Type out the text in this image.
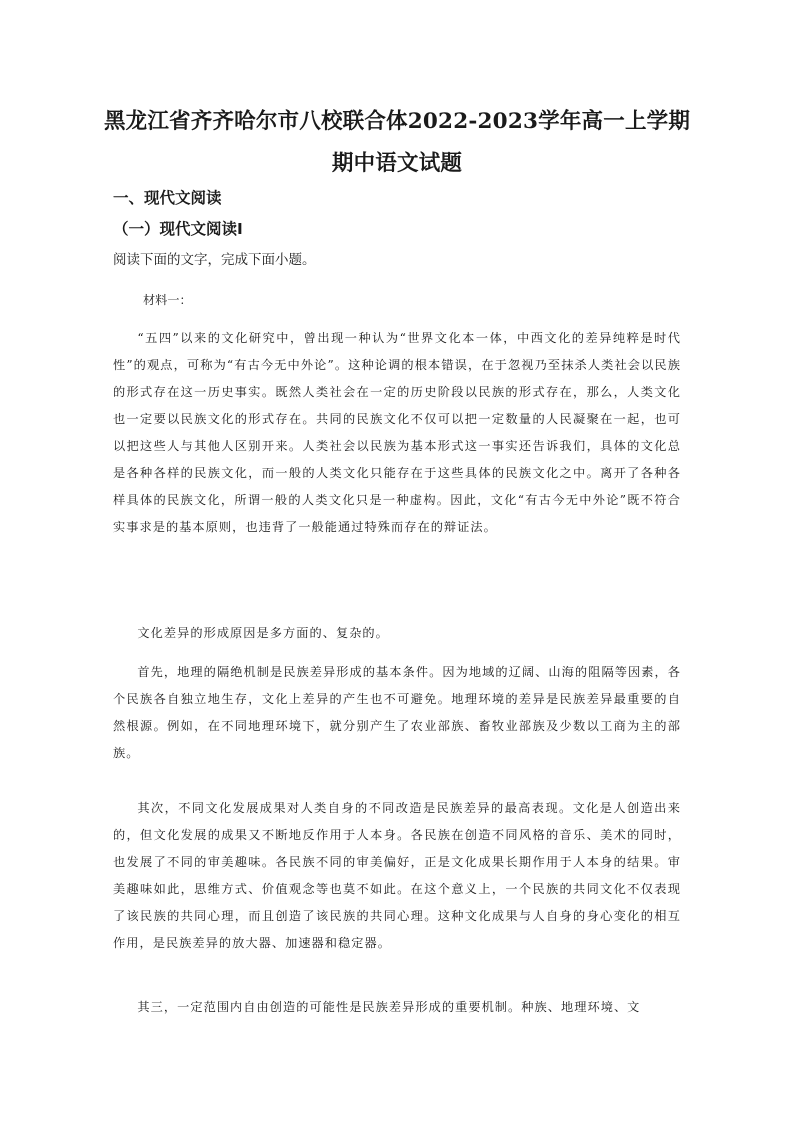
黑龙江省齐齐哈尔市八校联合体2022-2023学年高一上学期
期中语文试题
一、现代文阅读
（一）现代文阅读Ⅰ
阅读下面的文字，完成下面小题。
材料一：

“五四”以来的文化研究中，曾出现一种认为“世界文化本一体，中西文化的差异纯粹是时代性”的观点，可称为“有古今无中外论”。这种论调的根本错误，在于忽视乃至抹杀人类社会以民族的形式存在这一历史事实。既然人类社会在一定的历史阶段以民族的形式存在，那么，人类文化也一定要以民族文化的形式存在。共同的民族文化不仅可以把一定数量的人民凝聚在一起，也可以把这些人与其他人区别开来。人类社会以民族为基本形式这一事实还告诉我们，具体的文化总是各种各样的民族文化，而一般的人类文化只能存在于这些具体的民族文化之中。离开了各种各样具体的民族文化，所谓一般的人类文化只是一种虚构。因此，文化“有古今无中外论”既不符合实事求是的基本原则，也违背了一般能通过特殊而存在的辩证法。

文化差异的形成原因是多方面的、复杂的。

首先，地理的隔绝机制是民族差异形成的基本条件。因为地域的辽阔、山海的阻隔等因素，各个民族各自独立地生存，文化上差异的产生也不可避免。地理环境的差异是民族差异最重要的自然根源。例如，在不同地理环境下，就分别产生了农业部族、畜牧业部族及少数以工商为主的部族。

其次，不同文化发展成果对人类自身的不同改造是民族差异的最高表现。文化是人创造出来的，但文化发展的成果又不断地反作用于人本身。各民族在创造不同风格的音乐、美术的同时，也发展了不同的审美趣味。各民族不同的审美偏好，正是文化成果长期作用于人本身的结果。审美趣味如此，思维方式、价值观念等也莫不如此。在这个意义上，一个民族的共同文化不仅表现了该民族的共同心理，而且创造了该民族的共同心理。这种文化成果与人自身的身心变化的相互作用，是民族差异的放大器、加速器和稳定器。

其三，一定范围内自由创造的可能性是民族差异形成的重要机制。种族、地理环境、文
